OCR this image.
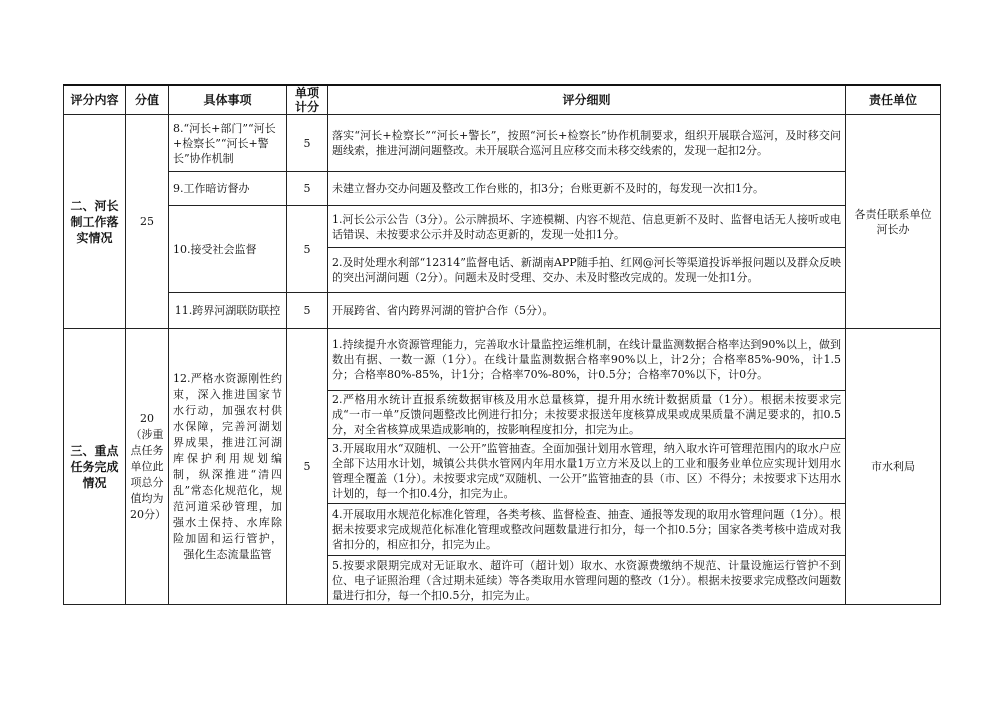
评分内容	分值	具体事项	单项计分	评分细则	责任单位
二、河长制工作落实情况	25	8.“河长+部门”“河长+检察长”“河长+警长”协作机制	5	落实“河长+检察长”“河长+警长”，按照“河长+检察长”协作机制要求，组织开展联合巡河，及时移交问题线索，推进河湖问题整改。未开展联合巡河且应移交而未移交线索的，发现一起扣2分。	各责任联系单位河长办
		9.工作暗访督办	5	未建立督办交办问题及整改工作台账的，扣3分；台账更新不及时的，每发现一次扣1分。	
		10.接受社会监督	5	1.河长公示公告（3分）。公示牌损坏、字迹模糊、内容不规范、信息更新不及时、监督电话无人接听或电话错误、未按要求公示并及时动态更新的，发现一处扣1分。	
				2.及时处理水利部“12314”监督电话、新湖南APP随手拍、红网@河长等渠道投诉举报问题以及群众反映的突出河湖问题（2分）。问题未及时受理、交办、未及时整改完成的。发现一处扣1分。	
		11.跨界河湖联防联控	5	开展跨省、省内跨界河湖的管护合作（5分）。	
三、重点任务完成情况	20（涉重点任务单位此项总分值均为20分）	12.严格水资源刚性约束，深入推进国家节水行动，加强农村供水保障，完善河湖划界成果，推进江河湖库保护利用规划编制，纵深推进“清四乱”常态化规范化，规范河道采砂管理，加强水土保持、水库除险加固和运行管护，强化生态流量监管	5	1.持续提升水资源管理能力，完善取水计量监控运维机制，在线计量监测数据合格率达到90%以上，做到数出有据、一数一源（1分）。在线计量监测数据合格率90%以上，计2分；合格率85%-90%，计1.5分；合格率80%-85%，计1分；合格率70%-80%，计0.5分；合格率70%以下，计0分。	市水利局
				2.严格用水统计直报系统数据审核及用水总量核算，提升用水统计数据质量（1分）。根据未按要求完成“一市一单”反馈问题整改比例进行扣分；未按要求报送年度核算成果或成果质量不满足要求的，扣0.5分，对全省核算成果造成影响的，按影响程度扣分，扣完为止。	
				3.开展取用水“双随机、一公开”监管抽查。全面加强计划用水管理，纳入取水许可管理范围内的取水户应全部下达用水计划，城镇公共供水管网内年用水量1万立方米及以上的工业和服务业单位应实现计划用水管理全覆盖（1分）。未按要求完成“双随机、一公开”监管抽查的县（市、区）不得分；未按要求下达用水计划的，每一个扣0.4分，扣完为止。	
				4.开展取用水规范化标准化管理，各类考核、监督检查、抽查、通报等发现的取用水管理问题（1分）。根据未按要求完成规范化标准化管理或整改问题数量进行扣分，每一个扣0.5分；国家各类考核中造成对我省扣分的，相应扣分，扣完为止。	
				5.按要求限期完成对无证取水、超许可（超计划）取水、水资源费缴纳不规范、计量设施运行管护不到位、电子证照治理（含过期未延续）等各类取用水管理问题的整改（1分）。根据未按要求完成整改问题数量进行扣分，每一个扣0.5分，扣完为止。	
